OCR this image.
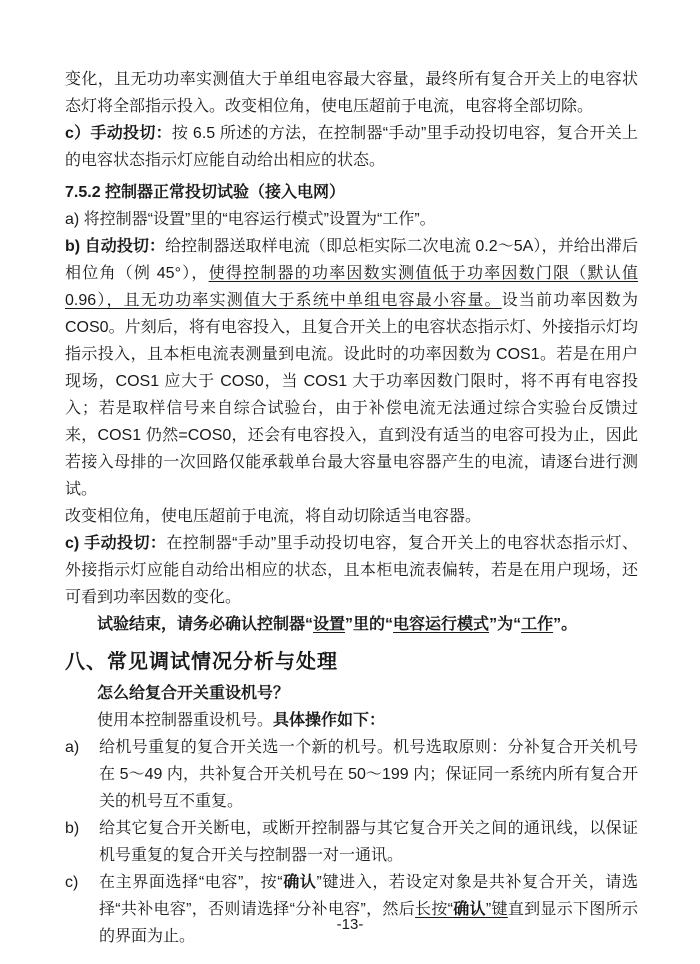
变化，且无功功率实测值大于单组电容最大容量，最终所有复合开关上的电容状态灯将全部指示投入。改变相位角，使电压超前于电流，电容将全部切除。
c）手动投切：按 6.5 所述的方法，在控制器“手动”里手动投切电容，复合开关上的电容状态指示灯应能自动给出相应的状态。
7.5.2 控制器正常投切试验（接入电网）
a) 将控制器“设置”里的“电容运行模式”设置为“工作”。
b) 自动投切：给控制器送取样电流（即总柜实际二次电流 0.2～5A），并给出滞后相位角（例 45°），使得控制器的功率因数实测值低于功率因数门限（默认值 0.96），且无功功率实测值大于系统中单组电容最小容量。设当前功率因数为 COS0。片刻后，将有电容投入，且复合开关上的电容状态指示灯、外接指示灯均指示投入，且本柜电流表测量到电流。设此时的功率因数为 COS1。若是在用户现场，COS1 应大于 COS0，当 COS1 大于功率因数门限时，将不再有电容投入；若是取样信号来自综合试验台，由于补偿电流无法通过综合实验台反馈过来，COS1 仍然=COS0，还会有电容投入，直到没有适当的电容可投为止，因此若接入母排的一次回路仅能承载单台最大容量电容器产生的电流，请逐台进行测试。
改变相位角，使电压超前于电流，将自动切除适当电容器。
c) 手动投切：在控制器“手动”里手动投切电容，复合开关上的电容状态指示灯、外接指示灯应能自动给出相应的状态，且本柜电流表偏转，若是在用户现场，还可看到功率因数的变化。
试验结束，请务必确认控制器“设置”里的“电容运行模式”为“工作”。
八、常见调试情况分析与处理
怎么给复合开关重设机号？
使用本控制器重设机号。具体操作如下：
a)	给机号重复的复合开关选一个新的机号。机号选取原则：分补复合开关机号在 5～49 内，共补复合开关机号在 50～199 内；保证同一系统内所有复合开关的机号互不重复。
b)	给其它复合开关断电，或断开控制器与其它复合开关之间的通讯线，以保证机号重复的复合开关与控制器一对一通讯。
c)	在主界面选择“电容”，按“确认”键进入，若设定对象是共补复合开关，请选择“共补电容”，否则请选择“分补电容”，然后长按“确认”键直到显示下图所示的界面为止。
-13-
